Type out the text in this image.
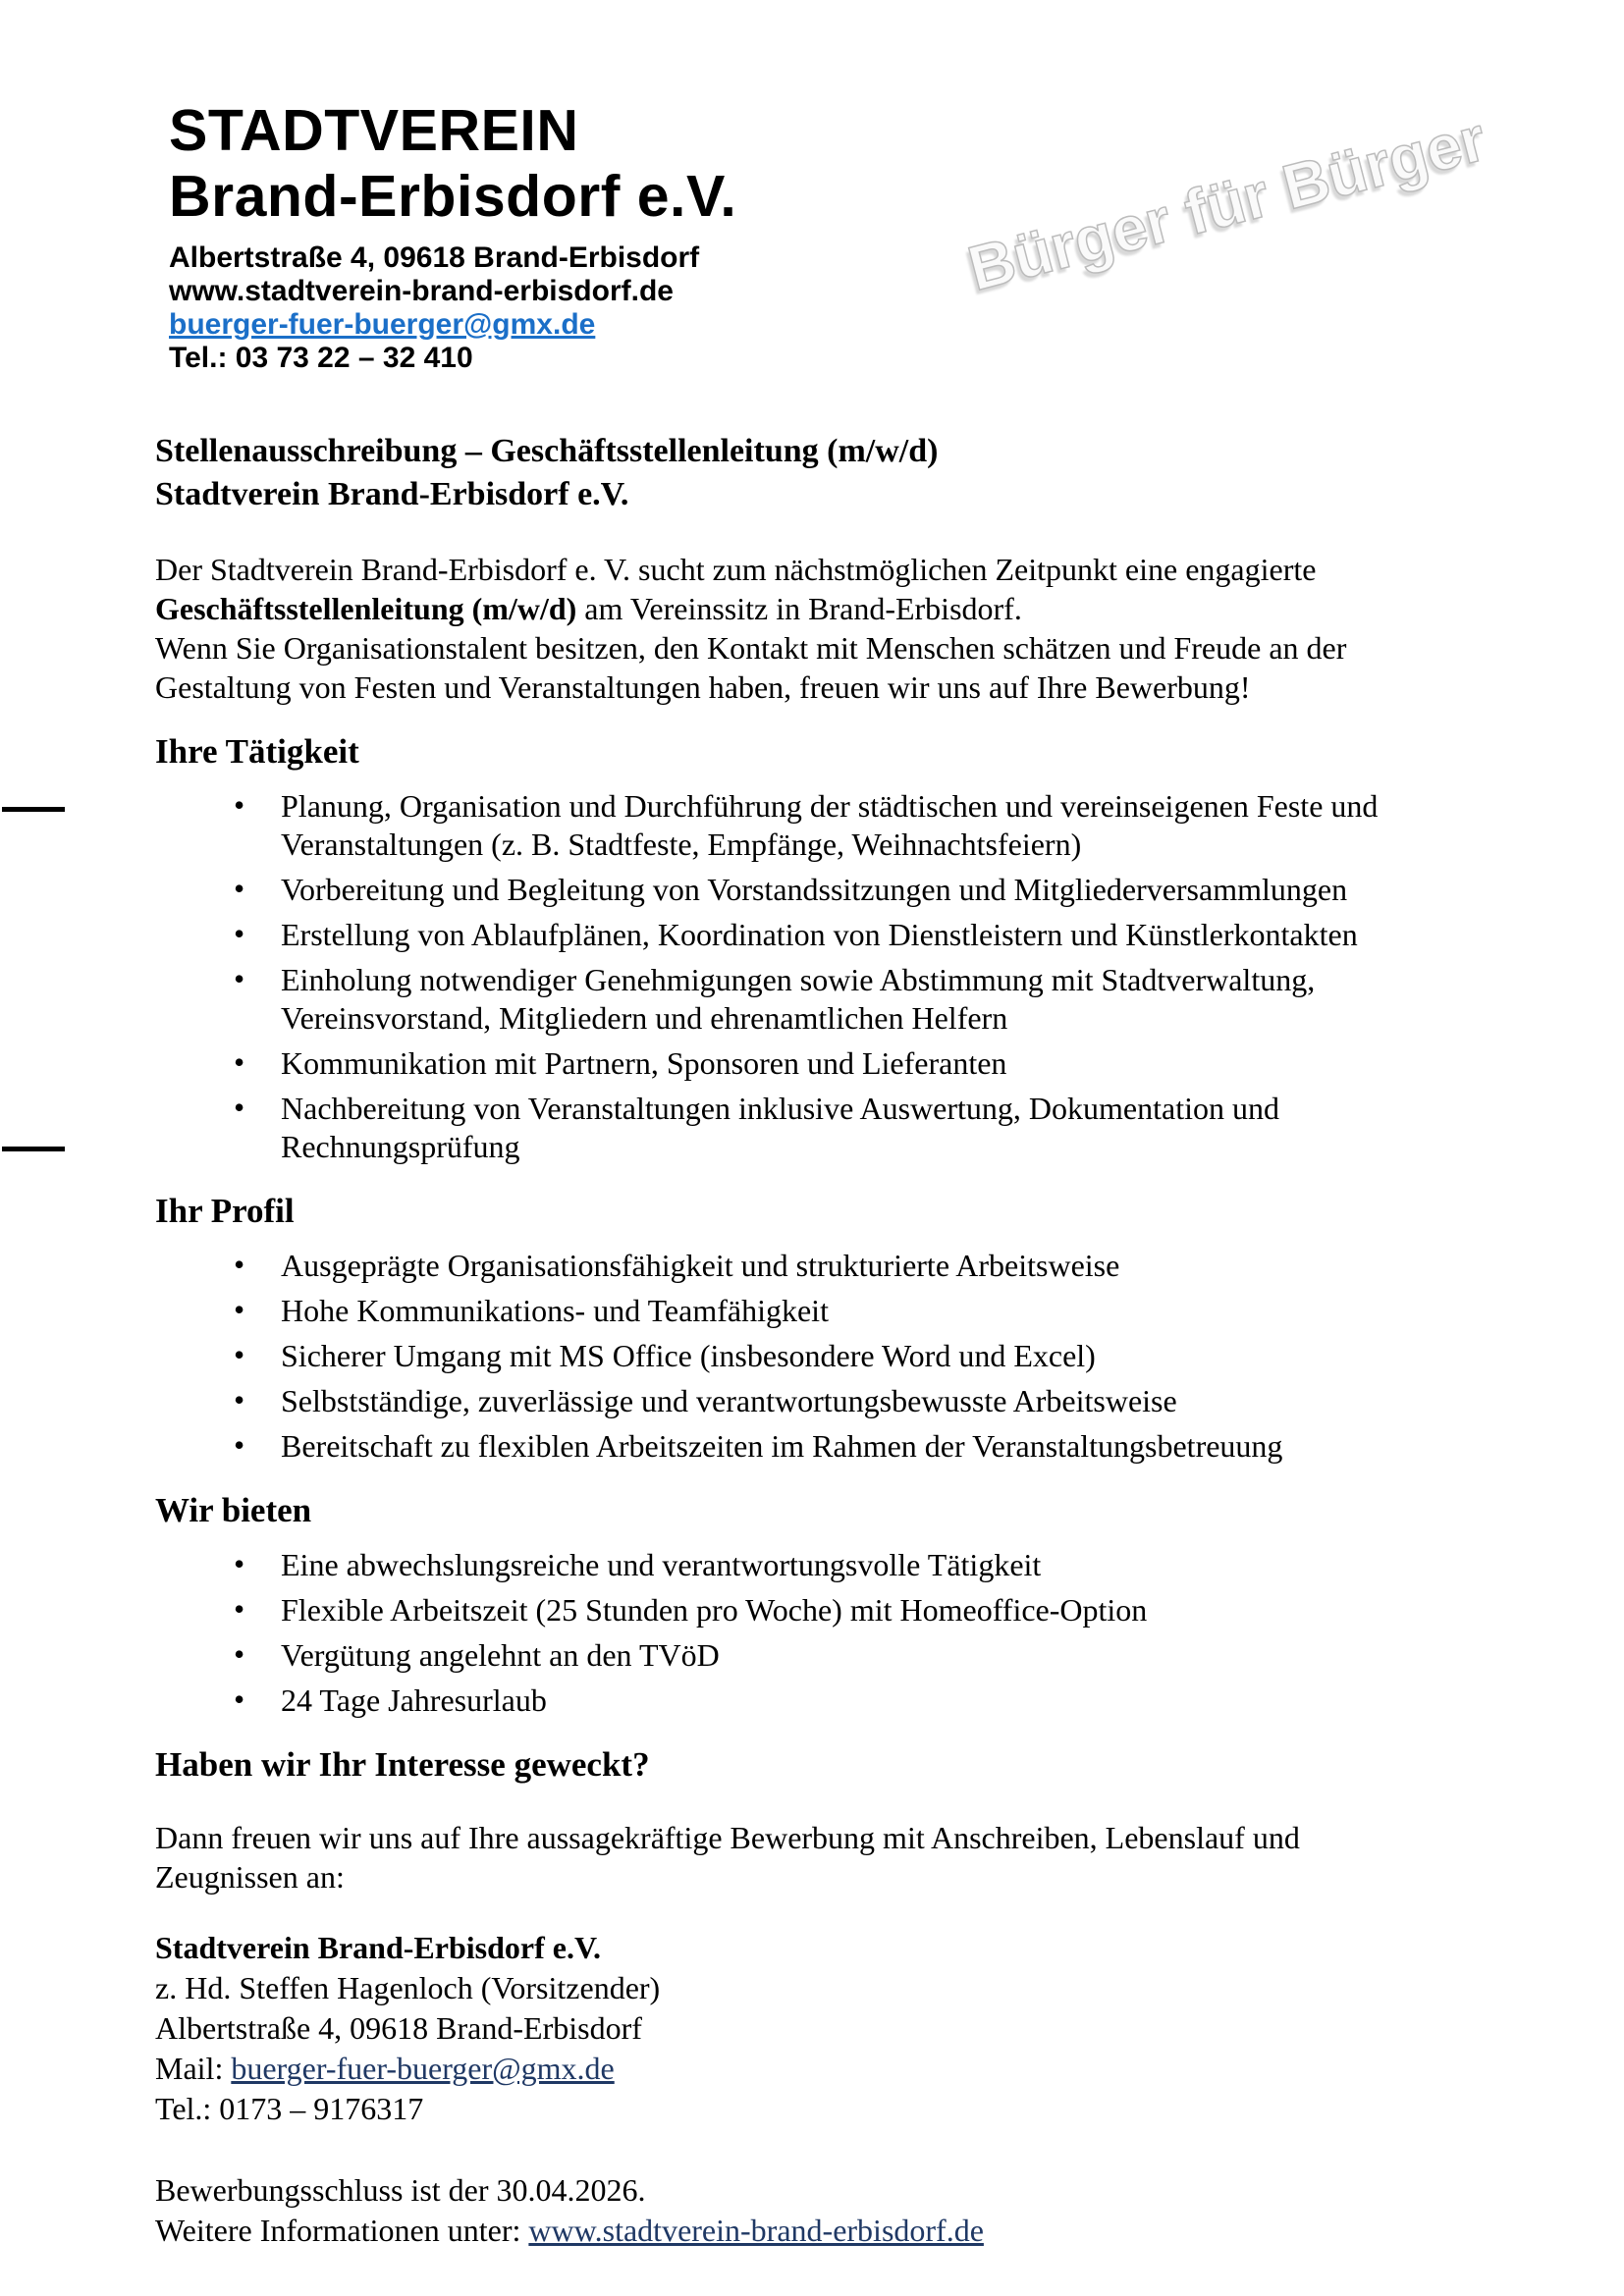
Bürger für Bürger
STADTVEREIN
Brand-Erbisdorf e.V.
Albertstraße 4, 09618 Brand-Erbisdorf
www.stadtverein-brand-erbisdorf.de
buerger-fuer-buerger@gmx.de
Tel.: 03 73 22 – 32 410
Stellenausschreibung – Geschäftsstellenleitung (m/w/d)
Stadtverein Brand-Erbisdorf e.V.

Der Stadtverein Brand-Erbisdorf e. V. sucht zum nächstmöglichen Zeitpunkt eine engagierte
Geschäftsstellenleitung (m/w/d) am Vereinssitz in Brand-Erbisdorf.
Wenn Sie Organisationstalent besitzen, den Kontakt mit Menschen schätzen und Freude an der Gestaltung von Festen und Veranstaltungen haben, freuen wir uns auf Ihre Bewerbung!

Ihre Tätigkeit
• Planung, Organisation und Durchführung der städtischen und vereinseigenen Feste und Veranstaltungen (z. B. Stadtfeste, Empfänge, Weihnachtsfeiern)
• Vorbereitung und Begleitung von Vorstandssitzungen und Mitgliederversammlungen
• Erstellung von Ablaufplänen, Koordination von Dienstleistern und Künstlerkontakten
• Einholung notwendiger Genehmigungen sowie Abstimmung mit Stadtverwaltung, Vereinsvorstand, Mitgliedern und ehrenamtlichen Helfern
• Kommunikation mit Partnern, Sponsoren und Lieferanten
• Nachbereitung von Veranstaltungen inklusive Auswertung, Dokumentation und Rechnungsprüfung
Ihr Profil
• Ausgeprägte Organisationsfähigkeit und strukturierte Arbeitsweise
• Hohe Kommunikations- und Teamfähigkeit
• Sicherer Umgang mit MS Office (insbesondere Word und Excel)
• Selbstständige, zuverlässige und verantwortungsbewusste Arbeitsweise
• Bereitschaft zu flexiblen Arbeitszeiten im Rahmen der Veranstaltungsbetreuung
Wir bieten
• Eine abwechslungsreiche und verantwortungsvolle Tätigkeit
• Flexible Arbeitszeit (25 Stunden pro Woche) mit Homeoffice-Option
• Vergütung angelehnt an den TVöD
• 24 Tage Jahresurlaub
Haben wir Ihr Interesse geweckt?

Dann freuen wir uns auf Ihre aussagekräftige Bewerbung mit Anschreiben, Lebenslauf und Zeugnissen an:

Stadtverein Brand-Erbisdorf e.V.
z. Hd. Steffen Hagenloch (Vorsitzender)
Albertstraße 4, 09618 Brand-Erbisdorf
Mail: buerger-fuer-buerger@gmx.de
Tel.: 0173 – 9176317
Bewerbungsschluss ist der 30.04.2026.
Weitere Informationen unter: www.stadtverein-brand-erbisdorf.de
